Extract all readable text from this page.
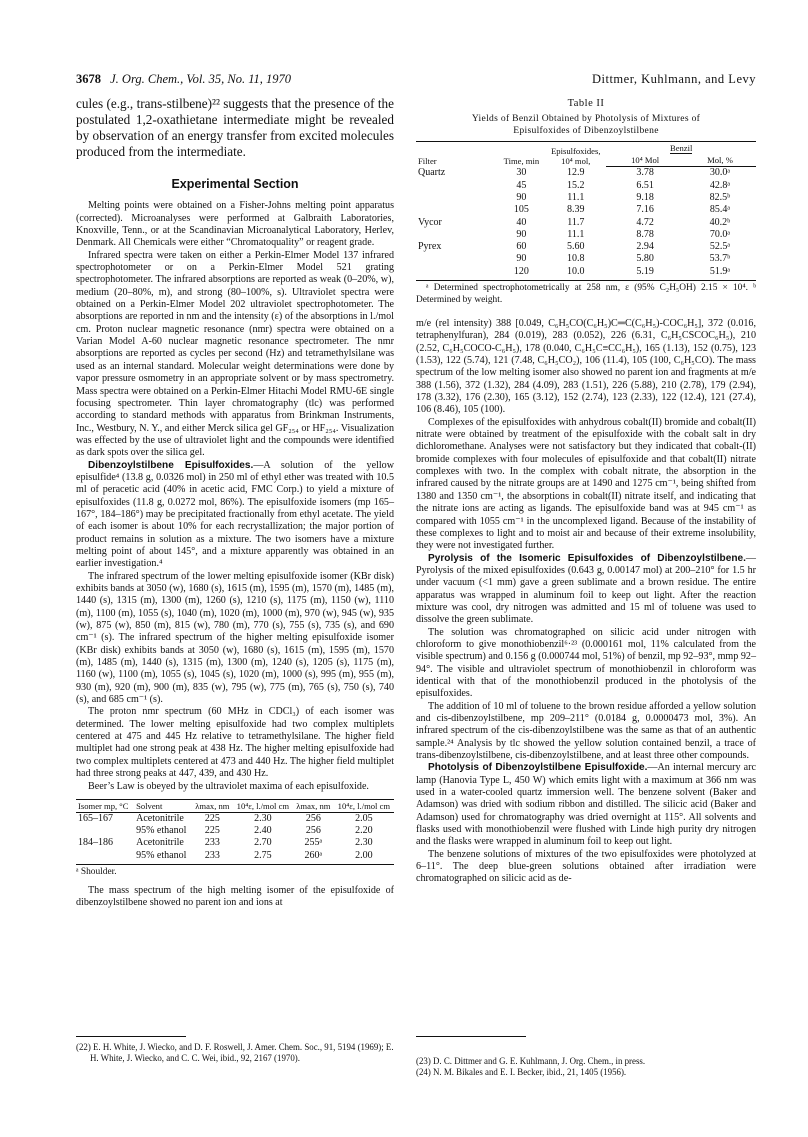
3678 J. Org. Chem., Vol. 35, No. 11, 1970	Dittmer, Kuhlmann, and Levy

cules (e.g., trans-stilbene)²² suggests that the presence of the postulated 1,2-oxathietane intermediate might be revealed by observation of an energy transfer from excited molecules produced from the intermediate.

Experimental Section

Melting points were obtained on a Fisher-Johns melting point apparatus (corrected). Microanalyses were performed at Galbraith Laboratories, Knoxville, Tenn., or at the Scandinavian Microanalytical Laboratory, Herlev, Denmark. All Chemicals were either “Chromatoquality” or reagent grade.

Infrared spectra were taken on either a Perkin-Elmer Model 137 infrared spectrophotometer or on a Perkin-Elmer Model 521 grating spectrophotometer. The infrared absorptions are reported as weak (0–20%, w), medium (20–80%, m), and strong (80–100%, s). Ultraviolet spectra were obtained on a Perkin-Elmer Model 202 ultraviolet spectrophotometer. The absorptions are reported in nm and the intensity (ε) of the absorptions in l./mol cm. Proton nuclear magnetic resonance (nmr) spectra were obtained on a Varian Model A-60 nuclear magnetic resonance spectrometer. The nmr absorptions are reported as cycles per second (Hz) and tetramethylsilane was used as an internal standard. Molecular weight determinations were done by vapor pressure osmometry in an appropriate solvent or by mass spectrometry. Mass spectra were obtained on a Perkin-Elmer Hitachi Model RMU-6E single focusing spectrometer. Thin layer chromatography (tlc) was performed according to standard methods with apparatus from Brinkman Instruments, Inc., Westbury, N. Y., and either Merck silica gel GF₂₅₄ or HF₂₅₄. Visualization was effected by the use of ultraviolet light and the compounds were identified as dark spots over the silica gel.

Dibenzoylstilbene Episulfoxides.—A solution of the yellow episulfide⁴ (13.8 g, 0.0326 mol) in 250 ml of ethyl ether was treated with 10.5 ml of peracetic acid (40% in acetic acid, FMC Corp.) to yield a mixture of episulfoxides (11.8 g, 0.0272 mol, 86%). The episulfoxide isomers (mp 165–167°, 184–186°) may be precipitated fractionally from ethyl acetate. The yield of each isomer is about 10% for each recrystallization; the major portion of product remains in solution as a mixture. The two isomers have a mixture melting point of about 145°, and a mixture apparently was obtained in an earlier investigation.⁴

The infrared spectrum of the lower melting episulfoxide isomer (KBr disk) exhibits bands at 3050 (w), 1680 (s), 1615 (m), 1595 (m), 1570 (m), 1485 (m), 1440 (s), 1315 (m), 1300 (m), 1260 (s), 1210 (s), 1175 (m), 1150 (w), 1110 (m), 1100 (m), 1055 (s), 1040 (m), 1020 (m), 1000 (m), 970 (w), 945 (w), 935 (w), 875 (w), 850 (m), 815 (w), 780 (m), 770 (s), 755 (s), 735 (s), and 690 cm⁻¹ (s). The infrared spectrum of the higher melting episulfoxide isomer (KBr disk) exhibits bands at 3050 (w), 1680 (s), 1615 (m), 1595 (m), 1570 (m), 1485 (m), 1440 (s), 1315 (m), 1300 (m), 1240 (s), 1205 (s), 1175 (m), 1160 (w), 1100 (m), 1055 (s), 1045 (s), 1020 (m), 1000 (s), 995 (m), 955 (m), 930 (m), 920 (m), 900 (m), 835 (w), 795 (w), 775 (m), 765 (s), 750 (s), 740 (s), and 685 cm⁻¹ (s).

The proton nmr spectrum (60 MHz in CDCl₃) of each isomer was determined. The lower melting episulfoxide had two complex multiplets centered at 475 and 445 Hz relative to tetramethylsilane. The higher field multiplet had one strong peak at 438 Hz. The higher melting episulfoxide had two complex multiplets centered at 473 and 440 Hz. The higher field multiplet had three strong peaks at 447, 439, and 430 Hz.

Beer’s Law is obeyed by the ultraviolet maxima of each episulfoxide.

Isomer mp, °C	Solvent	λmax, nm	10⁴ε, l./mol cm	λmax, nm	10⁴ε, l./mol cm
165–167	Acetonitrile	225	2.30	256	2.05
	95% ethanol	225	2.40	256	2.20
184–186	Acetonitrile	233	2.70	255ᵃ	2.30
	95% ethanol	233	2.75	260ᵃ	2.00
ᵃ Shoulder.

The mass spectrum of the high melting isomer of the episulfoxide of dibenzoylstilbene showed no parent ion and ions at

(22) E. H. White, J. Wiecko, and D. F. Roswell, J. Amer. Chem. Soc., 91, 5194 (1969); E. H. White, J. Wiecko, and C. C. Wei, ibid., 92, 2167 (1970).
Table II
Yields of Benzil Obtained by Photolysis of Mixtures of
Episulfoxides of Dibenzoylstilbene
Filter	Time, min	Episulfoxides, 10⁴ mol,	Benzil	
			10⁴ Mol	Mol, %
Quartz	30	12.9	3.78	30.0ᵃ
	45	15.2	6.51	42.8ᵃ
	90	11.1	9.18	82.5ᵇ
	105	8.39	7.16	85.4ᵃ
Vycor	40	11.7	4.72	40.2ᵇ
	90	11.1	8.78	70.0ᵃ
Pyrex	60	5.60	2.94	52.5ᵃ
	90	10.8	5.80	53.7ᵇ
	120	10.0	5.19	51.9ᵃ
ᵃ Determined spectrophotometrically at 258 nm, ε (95% C₂H₅OH) 2.15 × 10⁴. ᵇ Determined by weight.

m/e (rel intensity) 388 [0.049, C₆H₅CO(C₆H₅)C═C(C₆H₅)-COC₆H₅], 372 (0.016, tetraphenylfuran), 284 (0.019), 283 (0.052), 226 (6.31, C₆H₅CSCOC₆H₅), 210 (2.52, C₆H₅COCO-C₆H₅), 178 (0.040, C₆H₅C≡CC₆H₅), 165 (1.13), 152 (0.75), 123 (1.53), 122 (5.74), 121 (7.48, C₆H₅CO₂), 106 (11.4), 105 (100, C₆H₅CO). The mass spectrum of the low melting isomer also showed no parent ion and fragments at m/e 388 (1.56), 372 (1.32), 284 (4.09), 283 (1.51), 226 (5.88), 210 (2.78), 179 (2.94), 178 (3.32), 176 (2.30), 165 (3.12), 152 (2.74), 123 (2.33), 122 (12.4), 121 (27.4), 106 (8.46), 105 (100).

Complexes of the episulfoxides with anhydrous cobalt(II) bromide and cobalt(II) nitrate were obtained by treatment of the episulfoxide with the cobalt salt in dry dichloromethane. Analyses were not satisfactory but they indicated that cobalt-(II) bromide complexes with four molecules of episulfoxide and that cobalt(II) nitrate complexes with two. In the complex with cobalt nitrate, the absorption in the infrared caused by the nitrate groups are at 1490 and 1275 cm⁻¹, being shifted from 1380 and 1350 cm⁻¹, the absorptions in cobalt(II) nitrate itself, and indicating that the nitrate ions are acting as ligands. The episulfoxide band was at 945 cm⁻¹ as compared with 1055 cm⁻¹ in the uncomplexed ligand. Because of the instability of these complexes to light and to moist air and because of their extreme insolubility, they were not investigated further.

Pyrolysis of the Isomeric Episulfoxides of Dibenzoylstilbene.—Pyrolysis of the mixed episulfoxides (0.643 g, 0.00147 mol) at 200–210° for 1.5 hr under vacuum (<1 mm) gave a green sublimate and a brown residue. The entire apparatus was wrapped in aluminum foil to keep out light. After the reaction mixture was cool, dry nitrogen was admitted and 15 ml of toluene was used to dissolve the green sublimate.

The solution was chromatographed on silicic acid under nitrogen with chloroform to give monothiobenzil⁶·²³ (0.000161 mol, 11% calculated from the visible spectrum) and 0.156 g (0.000744 mol, 51%) of benzil, mp 92–93°, mmp 92–94°. The visible and ultraviolet spectrum of monothiobenzil in chloroform was identical with that of the monothiobenzil produced in the photolysis of the episulfoxides.

The addition of 10 ml of toluene to the brown residue afforded a yellow solution and cis-dibenzoylstilbene, mp 209–211° (0.0184 g, 0.0000473 mol, 3%). An infrared spectrum of the cis-dibenzoylstilbene was the same as that of an authentic sample.²⁴ Analysis by tlc showed the yellow solution contained benzil, a trace of trans-dibenzoylstilbene, cis-dibenzoylstilbene, and at least three other compounds.

Photolysis of Dibenzoylstilbene Episulfoxide.—An internal mercury arc lamp (Hanovia Type L, 450 W) which emits light with a maximum at 366 nm was used in a water-cooled quartz immersion well. The benzene solvent (Baker and Adamson) was dried with sodium ribbon and distilled. The silicic acid (Baker and Adamson) used for chromatography was dried overnight at 115°. All solvents and flasks used with monothiobenzil were flushed with Linde high purity dry nitrogen and the flasks were wrapped in aluminum foil to keep out light.

The benzene solutions of mixtures of the two episulfoxides were photolyzed at 6–11°. The deep blue-green solutions obtained after irradiation were chromatographed on silicic acid as de-

(23) D. C. Dittmer and G. E. Kuhlmann, J. Org. Chem., in press.
(24) N. M. Bikales and E. I. Becker, ibid., 21, 1405 (1956).
